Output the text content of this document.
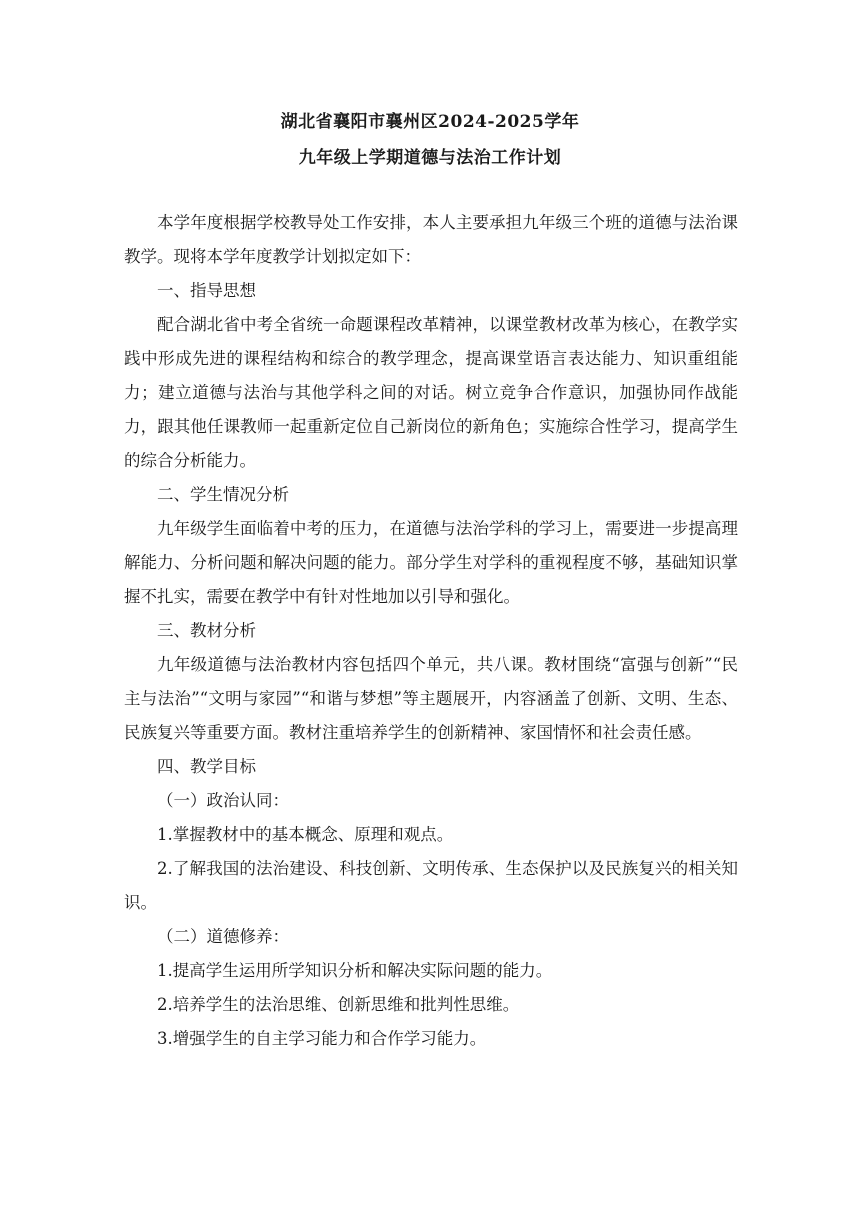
湖北省襄阳市襄州区2024-2025学年
九年级上学期道德与法治工作计划

本学年度根据学校教导处工作安排，本人主要承担九年级三个班的道德与法治课教学。现将本学年度教学计划拟定如下：

一、指导思想

配合湖北省中考全省统一命题课程改革精神，以课堂教材改革为核心，在教学实践中形成先进的课程结构和综合的教学理念，提高课堂语言表达能力、知识重组能力；建立道德与法治与其他学科之间的对话。树立竞争合作意识，加强协同作战能力，跟其他任课教师一起重新定位自己新岗位的新角色；实施综合性学习，提高学生的综合分析能力。

二、学生情况分析

九年级学生面临着中考的压力，在道德与法治学科的学习上，需要进一步提高理解能力、分析问题和解决问题的能力。部分学生对学科的重视程度不够，基础知识掌握不扎实，需要在教学中有针对性地加以引导和强化。

三、教材分析

九年级道德与法治教材内容包括四个单元，共八课。教材围绕“富强与创新”“民主与法治”“文明与家园”“和谐与梦想”等主题展开，内容涵盖了创新、文明、生态、民族复兴等重要方面。教材注重培养学生的创新精神、家国情怀和社会责任感。

四、教学目标

（一）政治认同：

1.掌握教材中的基本概念、原理和观点。

2.了解我国的法治建设、科技创新、文明传承、生态保护以及民族复兴的相关知识。

（二）道德修养：

1.提高学生运用所学知识分析和解决实际问题的能力。

2.培养学生的法治思维、创新思维和批判性思维。

3.增强学生的自主学习能力和合作学习能力。
